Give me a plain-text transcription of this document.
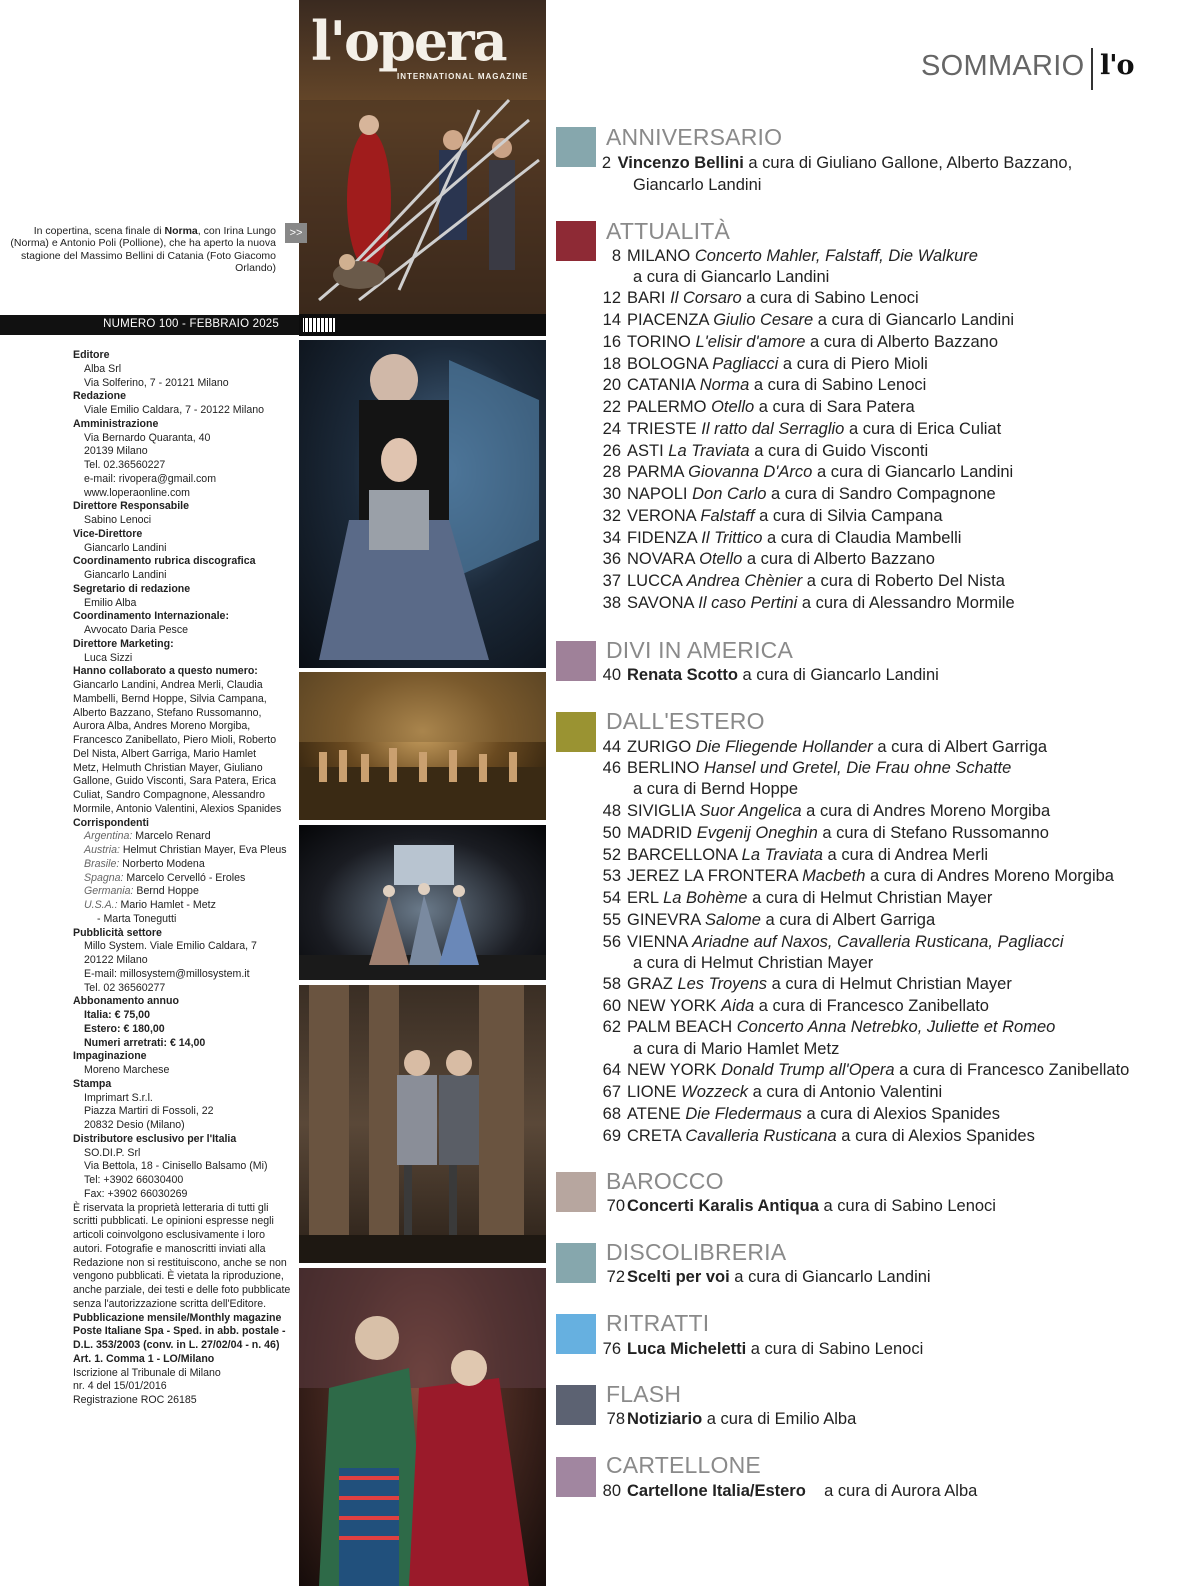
l'opera
INTERNATIONAL MAGAZINE
>>
In copertina, scena finale di Norma, con Irina Lungo (Norma) e Antonio Poli (Pollione), che ha aperto la nuova stagione del Massimo Bellini di Catania (Foto Giacomo Orlando)
NUMERO 100 - FEBBRAIO 2025
Editore
Alba Srl
Via Solferino, 7 - 20121 Milano
Redazione
Viale Emilio Caldara, 7 - 20122 Milano
Amministrazione
Via Bernardo Quaranta, 40
20139 Milano
Tel. 02.36560227
e-mail: rivopera@gmail.com
www.loperaonline.com
Direttore Responsabile
Sabino Lenoci
Vice-Direttore
Giancarlo Landini
Coordinamento rubrica discografica
Giancarlo Landini
Segretario di redazione
Emilio Alba
Coordinamento Internazionale:
Avvocato Daria Pesce
Direttore Marketing:
Luca Sizzi
Hanno collaborato a questo numero:
Giancarlo Landini, Andrea Merli, Claudia
Mambelli, Bernd Hoppe, Silvia Campana,
Alberto Bazzano, Stefano Russomanno,
Aurora Alba, Andres Moreno Morgiba,
Francesco Zanibellato, Piero Mioli, Roberto
Del Nista, Albert Garriga, Mario Hamlet
Metz, Helmuth Christian Mayer, Giuliano
Gallone, Guido Visconti, Sara Patera, Erica
Culiat, Sandro Compagnone, Alessandro
Mormile, Antonio Valentini, Alexios Spanides
Corrispondenti
Argentina: Marcelo Renard
Austria: Helmut Christian Mayer, Eva Pleus
Brasile: Norberto Modena
Spagna: Marcelo Cervelló - Eroles
Germania: Bernd Hoppe
U.S.A.: Mario Hamlet - Metz
- Marta Tonegutti
Pubblicità settore
Millo System. Viale Emilio Caldara, 7
20122 Milano
E-mail: millosystem@millosystem.it
Tel. 02 36560277
Abbonamento annuo
Italia: € 75,00
Estero: € 180,00
Numeri arretrati: € 14,00
Impaginazione
Moreno Marchese
Stampa
Imprimart S.r.l.
Piazza Martiri di Fossoli, 22
20832 Desio (Milano)
Distributore esclusivo per l'Italia
SO.DI.P. Srl
Via Bettola, 18 - Cinisello Balsamo (Mi)
Tel: +3902 66030400
Fax: +3902 66030269
È riservata la proprietà letteraria di tutti gli
scritti pubblicati. Le opinioni espresse negli
articoli coinvolgono esclusivamente i loro
autori. Fotografie e manoscritti inviati alla
Redazione non si restituiscono, anche se non
vengono pubblicati. È vietata la riproduzione,
anche parziale, dei testi e delle foto pubblicate
senza l'autorizzazione scritta dell'Editore.
Pubblicazione mensile/Monthly magazine
Poste Italiane Spa - Sped. in abb. postale -
D.L. 353/2003 (conv. in L. 27/02/04 - n. 46)
Art. 1. Comma 1 - LO/Milano
Iscrizione al Tribunale di Milano
nr. 4 del 15/01/2016
Registrazione ROC 26185
SOMMARIO l'o
ANNIVERSARIO
2 Vincenzo Bellini a cura di Giuliano Gallone, Alberto Bazzano,
Giancarlo Landini
ATTUALITÀ
8 MILANO Concerto Mahler, Falstaff, Die Walkure
a cura di Giancarlo Landini
12 BARI Il Corsaro a cura di Sabino Lenoci
14 PIACENZA Giulio Cesare a cura di Giancarlo Landini
16 TORINO L'elisir d'amore a cura di Alberto Bazzano
18 BOLOGNA Pagliacci a cura di Piero Mioli
20 CATANIA Norma a cura di Sabino Lenoci
22 PALERMO Otello a cura di Sara Patera
24 TRIESTE Il ratto dal Serraglio a cura di Erica Culiat
26 ASTI La Traviata a cura di Guido Visconti
28 PARMA Giovanna D'Arco a cura di Giancarlo Landini
30 NAPOLI Don Carlo a cura di Sandro Compagnone
32 VERONA Falstaff a cura di Silvia Campana
34 FIDENZA Il Trittico a cura di Claudia Mambelli
36 NOVARA Otello a cura di Alberto Bazzano
37 LUCCA Andrea Chènier a cura di Roberto Del Nista
38 SAVONA Il caso Pertini a cura di Alessandro Mormile
DIVI IN AMERICA
40 Renata Scotto a cura di Giancarlo Landini
DALL'ESTERO
44 ZURIGO Die Fliegende Hollander a cura di Albert Garriga
46 BERLINO Hansel und Gretel, Die Frau ohne Schatte
a cura di Bernd Hoppe
48 SIVIGLIA Suor Angelica a cura di Andres Moreno Morgiba
50 MADRID Evgenij Oneghin a cura di Stefano Russomanno
52 BARCELLONA La Traviata a cura di Andrea Merli
53 JEREZ LA FRONTERA Macbeth a cura di Andres Moreno Morgiba
54 ERL La Bohème a cura di Helmut Christian Mayer
55 GINEVRA Salome a cura di Albert Garriga
56 VIENNA Ariadne auf Naxos, Cavalleria Rusticana, Pagliacci
a cura di Helmut Christian Mayer
58 GRAZ Les Troyens a cura di Helmut Christian Mayer
60 NEW YORK Aida a cura di Francesco Zanibellato
62 PALM BEACH Concerto Anna Netrebko, Juliette et Romeo
a cura di Mario Hamlet Metz
64 NEW YORK Donald Trump all'Opera a cura di Francesco Zanibellato
67 LIONE Wozzeck a cura di Antonio Valentini
68 ATENE Die Fledermaus a cura di Alexios Spanides
69 CRETA Cavalleria Rusticana a cura di Alexios Spanides
BAROCCO
70 Concerti Karalis Antiqua a cura di Sabino Lenoci
DISCOLIBRERIA
72 Scelti per voi a cura di Giancarlo Landini
RITRATTI
76 Luca Micheletti a cura di Sabino Lenoci
FLASH
78 Notiziario a cura di Emilio Alba
CARTELLONE
80 Cartellone Italia/Estero    a cura di Aurora Alba
